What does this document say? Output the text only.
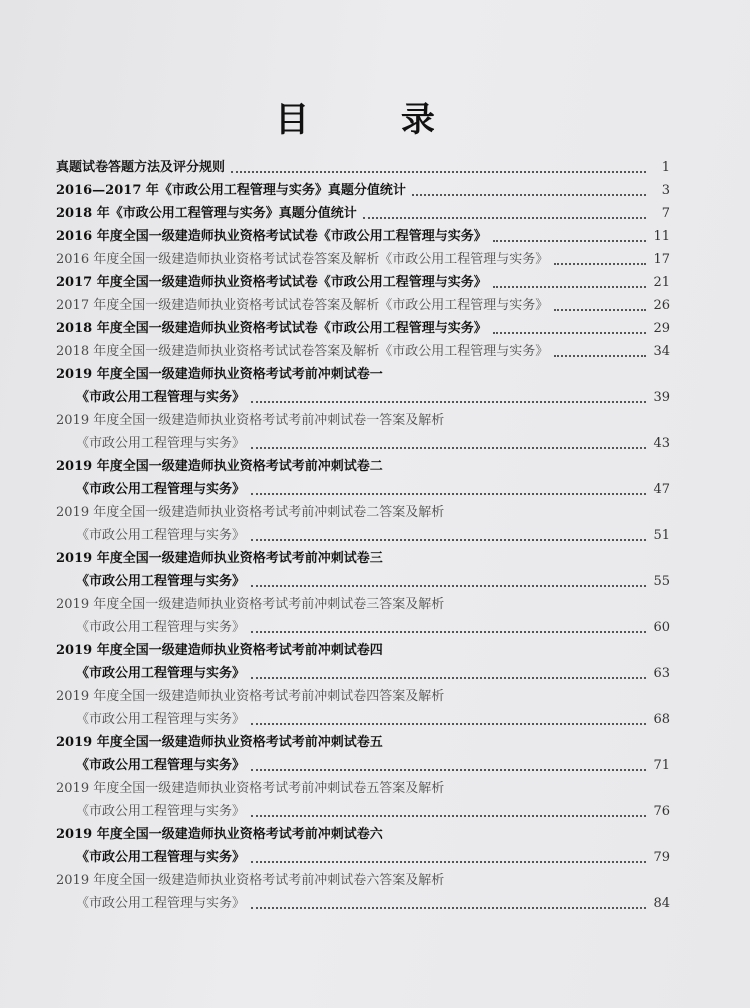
目 录
真题试卷答题方法及评分规则	1
2016—2017 年《市政公用工程管理与实务》真题分值统计	3
2018 年《市政公用工程管理与实务》真题分值统计	7
2016 年度全国一级建造师执业资格考试试卷《市政公用工程管理与实务》	11
2016 年度全国一级建造师执业资格考试试卷答案及解析《市政公用工程管理与实务》	17
2017 年度全国一级建造师执业资格考试试卷《市政公用工程管理与实务》	21
2017 年度全国一级建造师执业资格考试试卷答案及解析《市政公用工程管理与实务》	26
2018 年度全国一级建造师执业资格考试试卷《市政公用工程管理与实务》	29
2018 年度全国一级建造师执业资格考试试卷答案及解析《市政公用工程管理与实务》	34
2019 年度全国一级建造师执业资格考试考前冲刺试卷一
《市政公用工程管理与实务》	39
2019 年度全国一级建造师执业资格考试考前冲刺试卷一答案及解析
《市政公用工程管理与实务》	43
2019 年度全国一级建造师执业资格考试考前冲刺试卷二
《市政公用工程管理与实务》	47
2019 年度全国一级建造师执业资格考试考前冲刺试卷二答案及解析
《市政公用工程管理与实务》	51
2019 年度全国一级建造师执业资格考试考前冲刺试卷三
《市政公用工程管理与实务》	55
2019 年度全国一级建造师执业资格考试考前冲刺试卷三答案及解析
《市政公用工程管理与实务》	60
2019 年度全国一级建造师执业资格考试考前冲刺试卷四
《市政公用工程管理与实务》	63
2019 年度全国一级建造师执业资格考试考前冲刺试卷四答案及解析
《市政公用工程管理与实务》	68
2019 年度全国一级建造师执业资格考试考前冲刺试卷五
《市政公用工程管理与实务》	71
2019 年度全国一级建造师执业资格考试考前冲刺试卷五答案及解析
《市政公用工程管理与实务》	76
2019 年度全国一级建造师执业资格考试考前冲刺试卷六
《市政公用工程管理与实务》	79
2019 年度全国一级建造师执业资格考试考前冲刺试卷六答案及解析
《市政公用工程管理与实务》	84
